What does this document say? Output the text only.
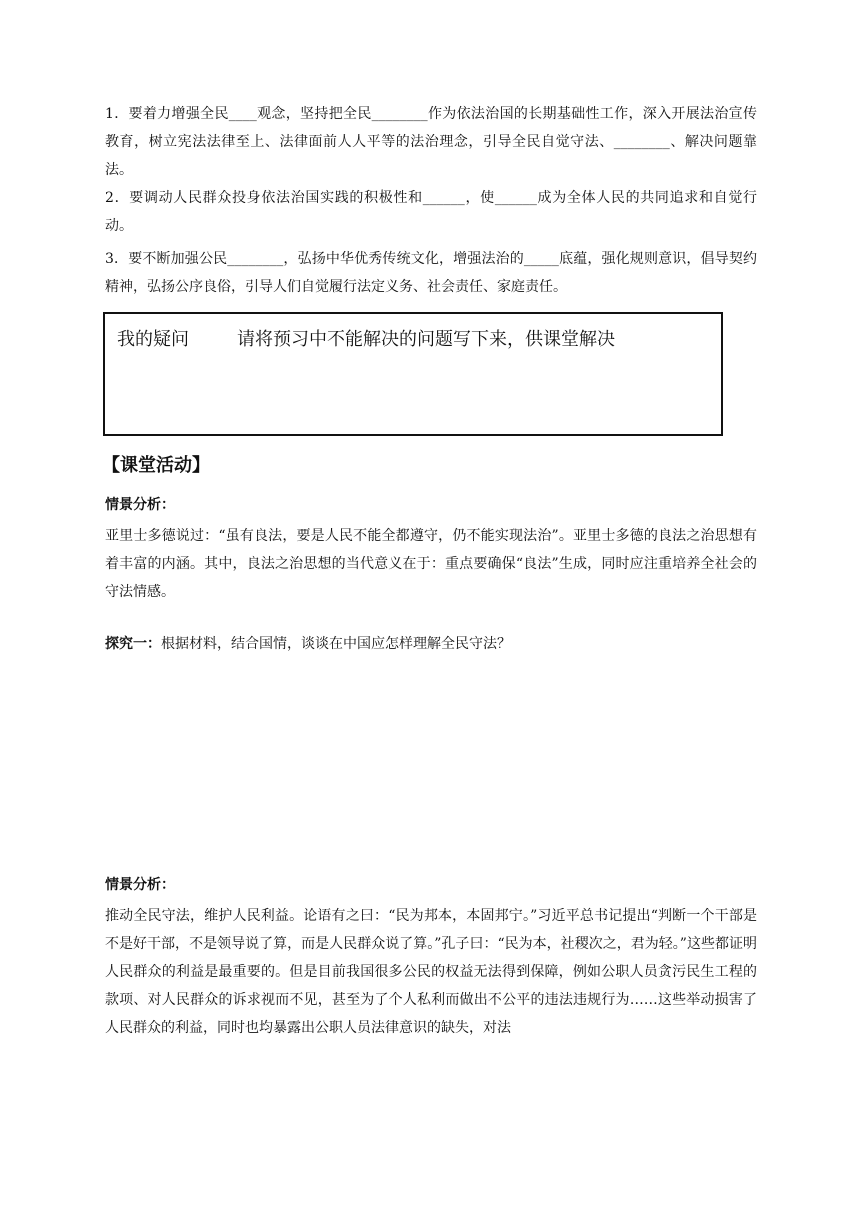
1．要着力增强全民____观念，坚持把全民________作为依法治国的长期基础性工作，深入开展法治宣传教育，树立宪法法律至上、法律面前人人平等的法治理念，引导全民自觉守法、________、解决问题靠法。

2．要调动人民群众投身依法治国实践的积极性和______，使______成为全体人民的共同追求和自觉行动。

3．要不断加强公民________，弘扬中华优秀传统文化，增强法治的_____底蕴，强化规则意识，倡导契约精神，弘扬公序良俗，引导人们自觉履行法定义务、社会责任、家庭责任。

我的疑问	请将预习中不能解决的问题写下来，供课堂解决
【课堂活动】

情景分析：

亚里士多德说过：“虽有良法，要是人民不能全都遵守，仍不能实现法治”。亚里士多德的良法之治思想有着丰富的内涵。其中，良法之治思想的当代意义在于：重点要确保“良法”生成，同时应注重培养全社会的守法情感。

探究一：根据材料，结合国情，谈谈在中国应怎样理解全民守法？

情景分析：

推动全民守法，维护人民利益。论语有之曰：“民为邦本，本固邦宁。”习近平总书记提出“判断一个干部是不是好干部，不是领导说了算，而是人民群众说了算。”孔子曰：“民为本，社稷次之，君为轻。”这些都证明人民群众的利益是最重要的。但是目前我国很多公民的权益无法得到保障，例如公职人员贪污民生工程的款项、对人民群众的诉求视而不见，甚至为了个人私利而做出不公平的违法违规行为……这些举动损害了人民群众的利益，同时也均暴露出公职人员法律意识的缺失，对法
